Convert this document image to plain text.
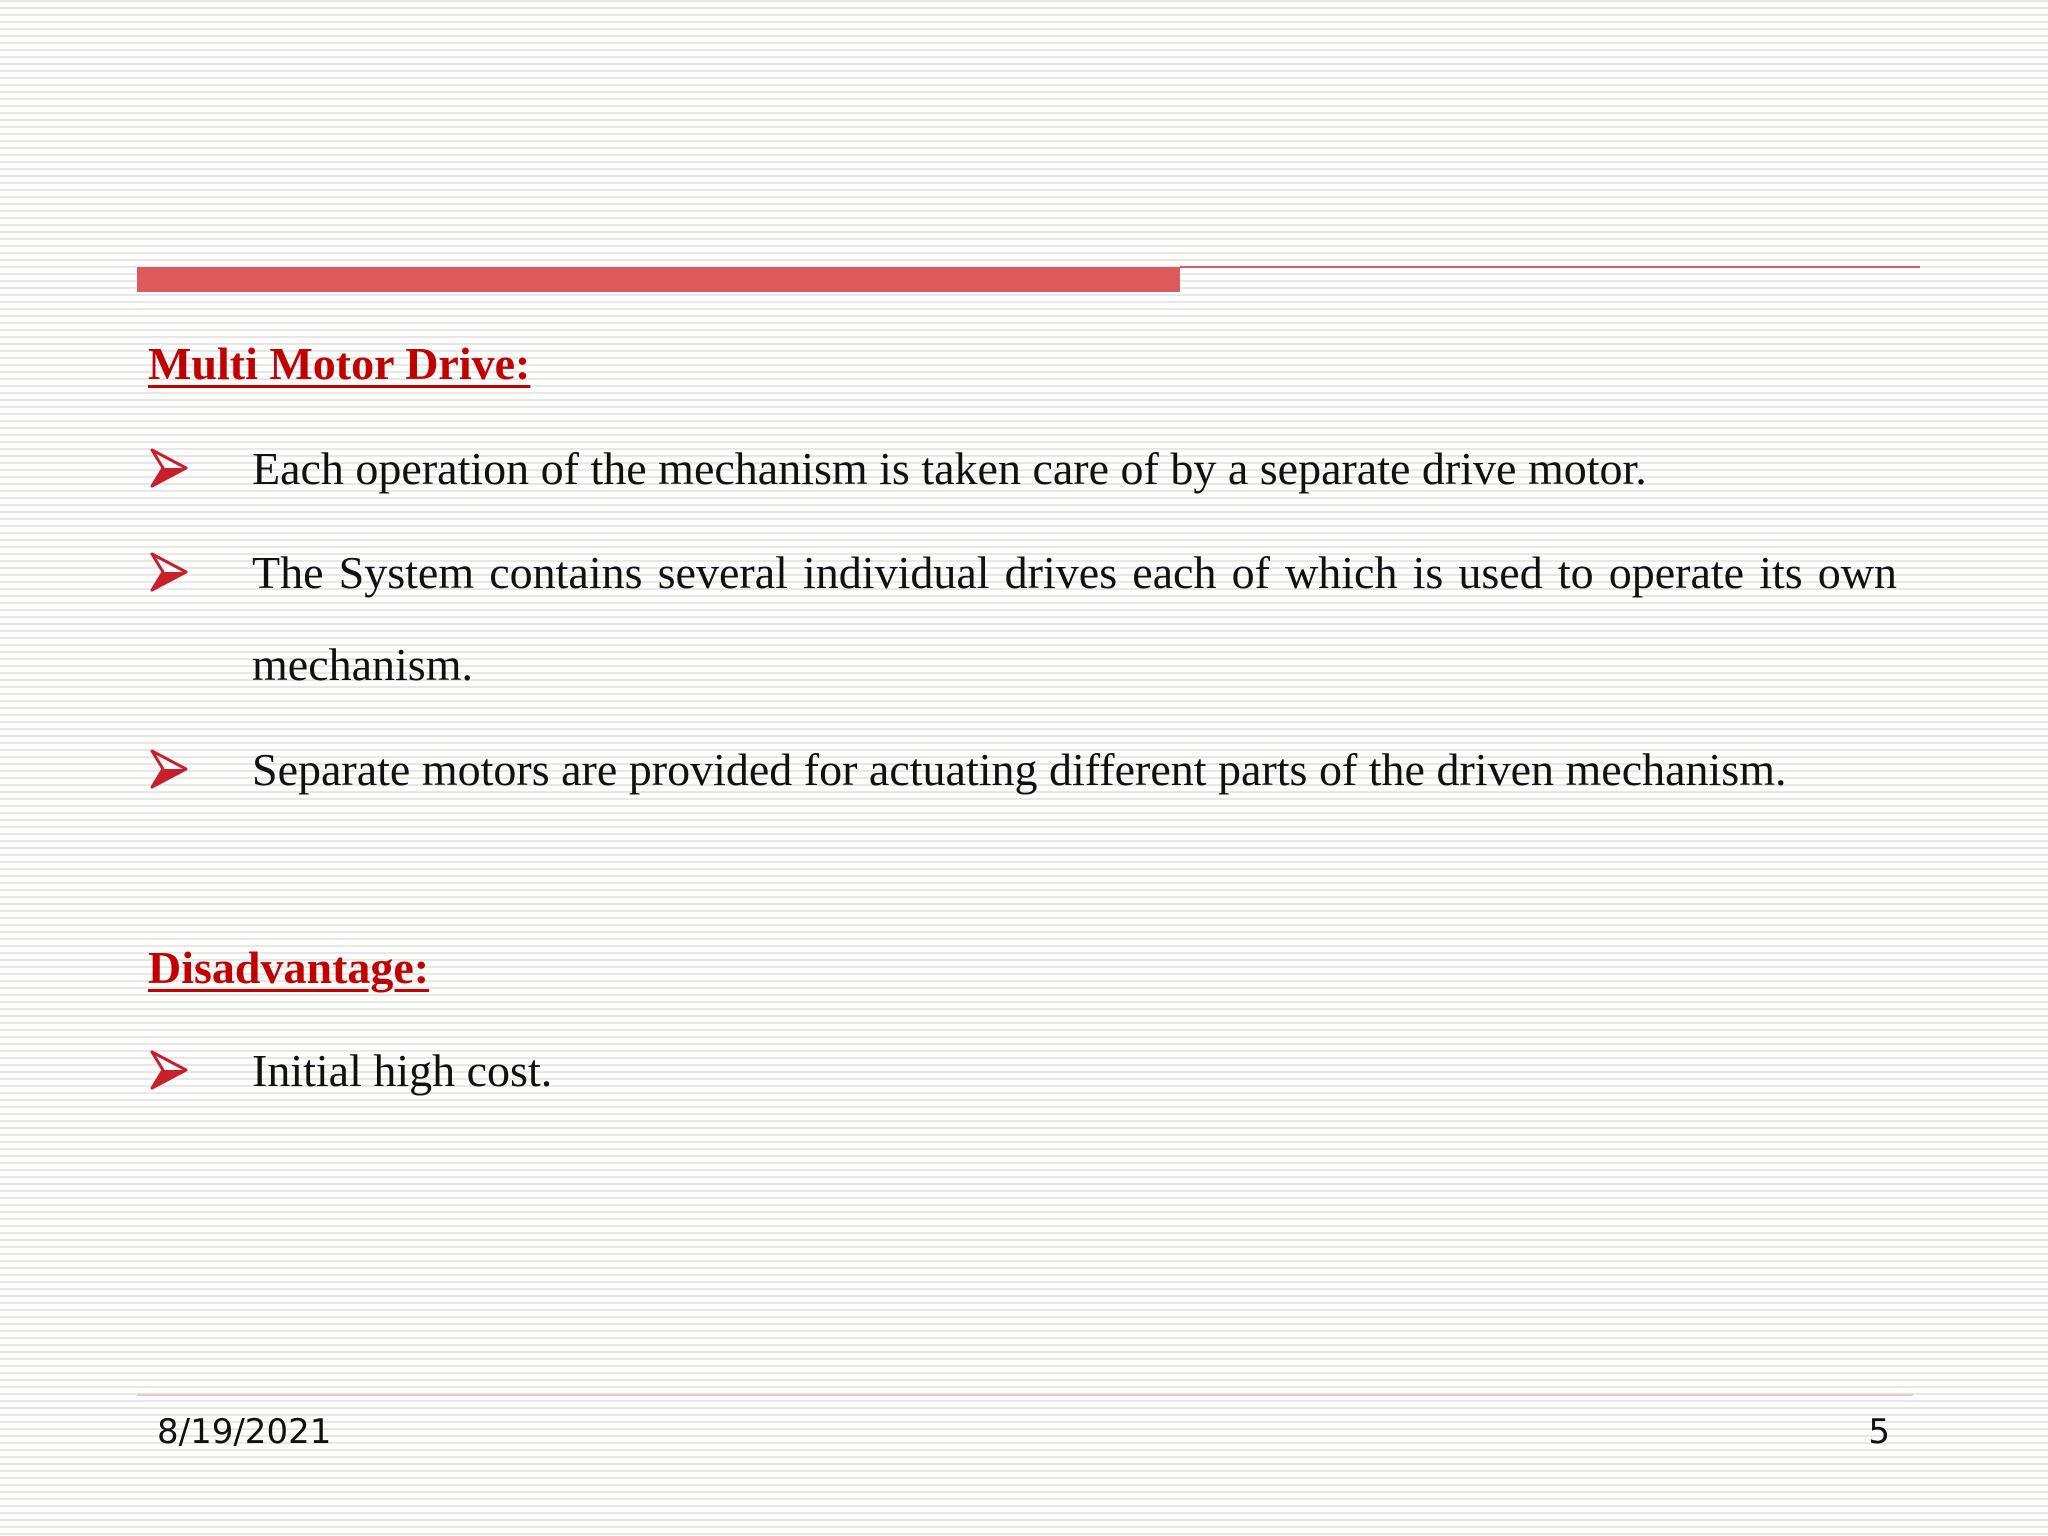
Multi Motor Drive:

Each operation of the mechanism is taken care of by a separate drive motor.

The System contains several individual drives each of which is used to operate its own mechanism.

Separate motors are provided for actuating different parts of the driven mechanism.

Disadvantage:

Initial high cost.

8/19/2021	5
